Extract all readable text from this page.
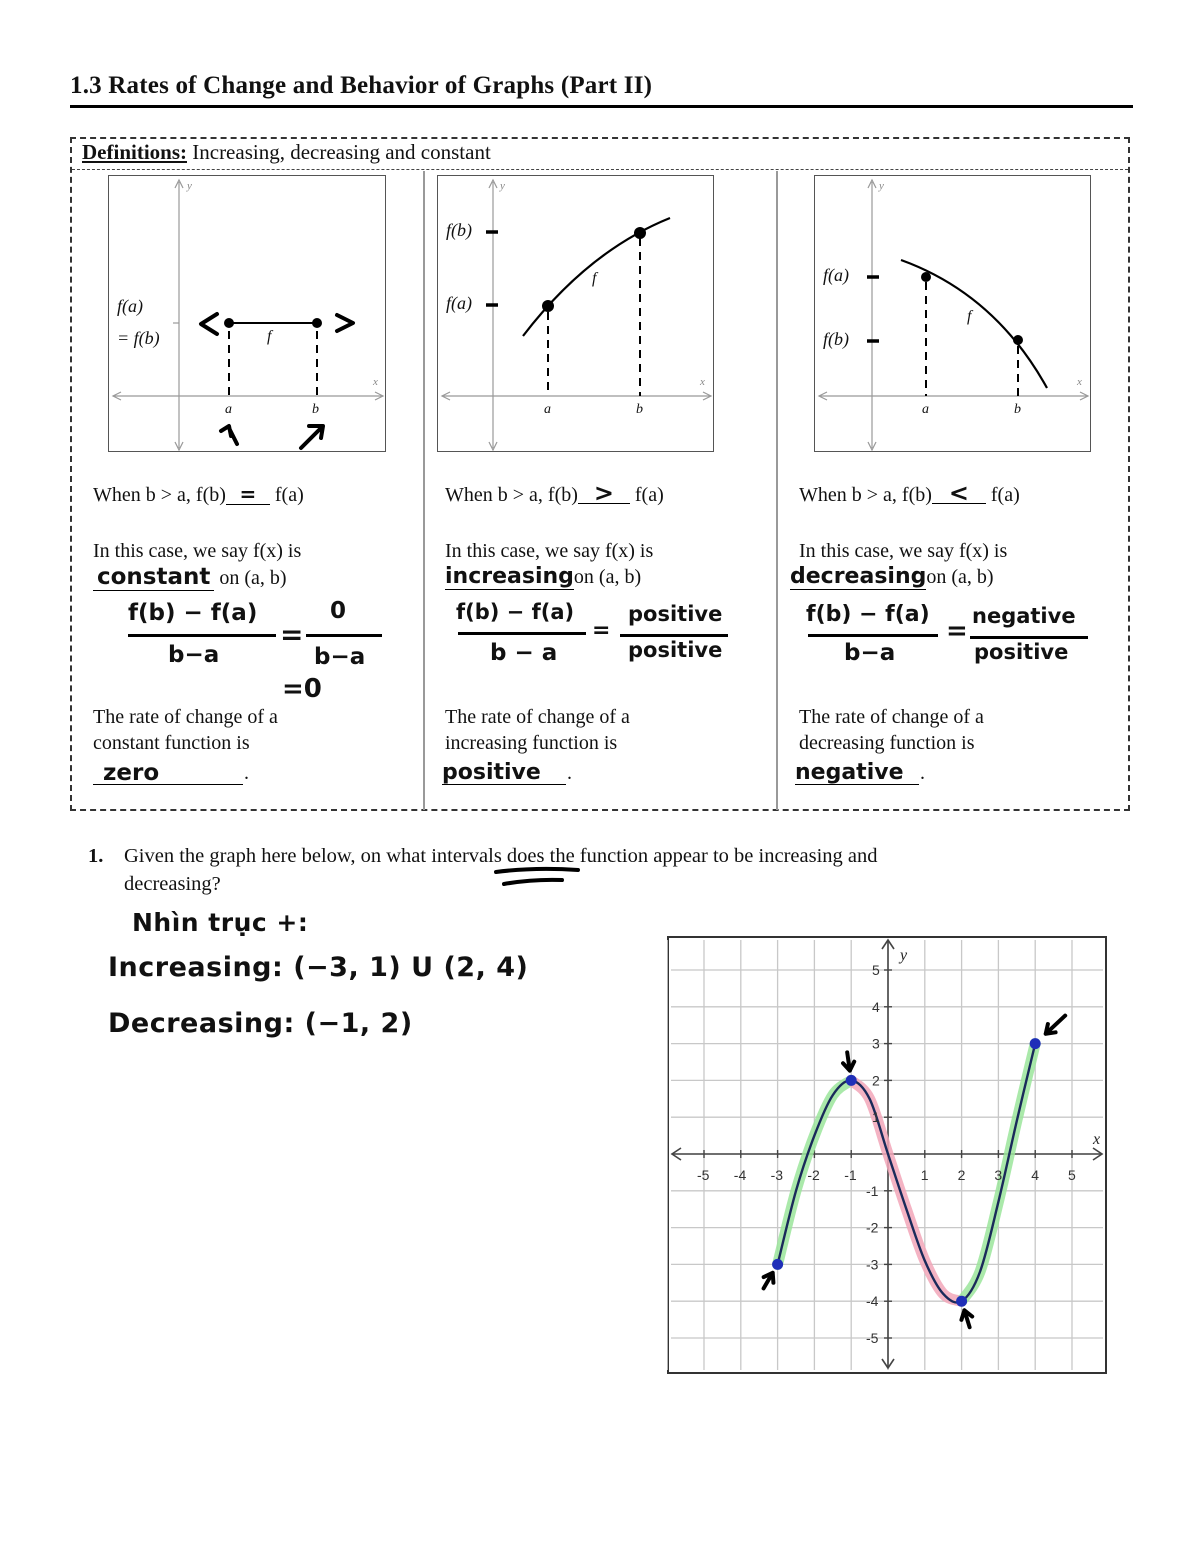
1.3 Rates of Change and Behavior of Graphs (Part II)
Definitions: Increasing, decreasing and constant
f(a)
= f(b)	f
a	b
x
y
f(b)
f(a)
f
a	b
x
y
f(a)
f(b)
f
a	b
x
y
When b > a, f(b) = f(a)
In this case, we say f(x) is
constant on (a, b)
f(b) − f(a)
b−a
=
0
b−a
=0
The rate of change of a
constant function is
zero	.
When b > a, f(b) > f(a)
In this case, we say f(x) is
increasingon (a, b)
f(b) − f(a)
b − a
=
positive
positive
The rate of change of a
increasing function is
positive	.
When b > a, f(b) < f(a)
In this case, we say f(x) is
decreasingon (a, b)
f(b) − f(a)
b−a
= negative
positive
The rate of change of a
decreasing function is
negative .
1. Given the graph here below, on what intervals does the function appear to be increasing and
decreasing?
Nhìn trục +:
Increasing: (−3, 1) U (2, 4)
Decreasing: (−1, 2)
-5 -4 -3 -2 -1	1 2 3 4 5
5
4
3
2
1
-1
-2
-3
-4
-5
x
y
